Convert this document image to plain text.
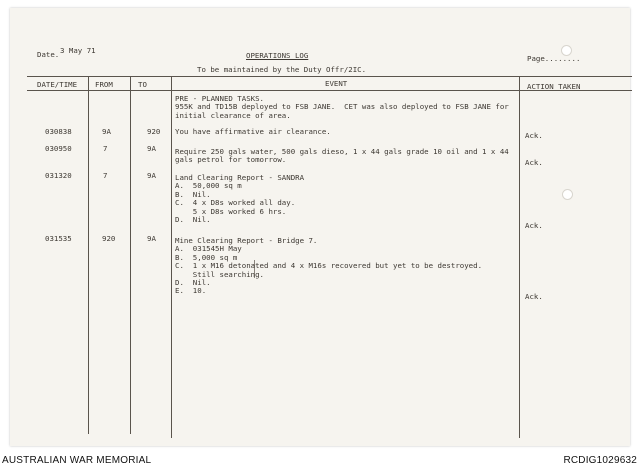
Date. 3 May 71
OPERATIONS LOG
To be maintained by the Duty Offr/2IC.
Page........
DATE/TIME FROM	TO	EVENT	ACTION TAKEN
PRE - PLANNED TASKS.
955K and TD15B deployed to FSB JANE.  CET was also deployed to FSB JANE for
initial clearance of area.
030838	9A	920 You have affirmative air clearance.	Ack.
030950	7	9A	Require 250 gals water, 500 gals dieso, 1 x 44 gals grade 10 oil and 1 x 44
gals petrol for tomorrow.	Ack.
031320	7	9A	Land Clearing Report - SANDRA
A.  50,000 sq m
B.  Nil.
C.  4 x D8s worked all day.
5 x D8s worked 6 hrs.
D.  Nil.
Ack.
031535	920	9A	Mine Clearing Report - Bridge 7.
A.  031545H May
B.  5,000 sq m
C.  1 x M16 detonated and 4 x M16s recovered but yet to be destroyed.
Still searching.
D.  Nil.
E.  10.
Ack.
AUSTRALIAN WAR MEMORIAL	RCDIG1029632
